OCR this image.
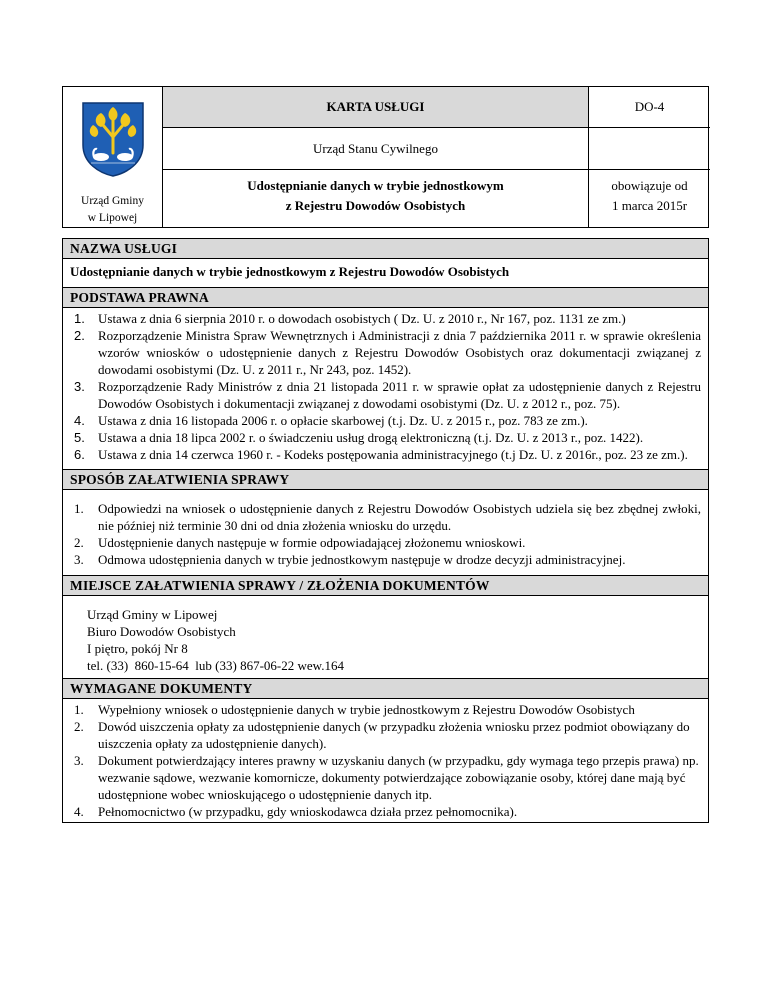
Urząd Gminy
w Lipowej
KARTA USŁUGI
Urząd Stanu Cywilnego
Udostępnianie danych w trybie jednostkowym
z Rejestru Dowodów Osobistych
DO-4
obowiązuje od
1 marca 2015r
NAZWA USŁUGI
Udostępnianie danych w trybie jednostkowym z Rejestru Dowodów Osobistych
PODSTAWA PRAWNA
1. Ustawa z dnia 6 sierpnia 2010 r. o dowodach osobistych ( Dz. U. z 2010 r., Nr 167, poz. 1131 ze zm.)
2. Rozporządzenie Ministra Spraw Wewnętrznych i Administracji z dnia 7 października 2011 r. w sprawie określenia wzorów wniosków o udostępnienie danych z Rejestru Dowodów Osobistych oraz dokumentacji związanej z dowodami osobistymi (Dz. U. z 2011 r., Nr 243, poz. 1452).
3. Rozporządzenie Rady Ministrów z dnia 21 listopada 2011 r. w sprawie opłat za udostępnienie danych z Rejestru Dowodów Osobistych i dokumentacji związanej z dowodami osobistymi (Dz. U. z 2012 r., poz. 75).
4. Ustawa z dnia 16 listopada 2006 r. o opłacie skarbowej (t.j. Dz. U. z 2015 r., poz. 783 ze zm.).
5. Ustawa a dnia 18 lipca 2002 r. o świadczeniu usług drogą elektroniczną (t.j. Dz. U. z 2013 r., poz. 1422).
6. Ustawa z dnia 14 czerwca 1960 r. - Kodeks postępowania administracyjnego (t.j Dz. U. z 2016r., poz. 23 ze zm.).
SPOSÓB ZAŁATWIENIA SPRAWY
1. Odpowiedzi na wniosek o udostępnienie danych z Rejestru Dowodów Osobistych udziela się bez zbędnej zwłoki, nie później niż terminie 30 dni od dnia złożenia wniosku do urzędu.
2. Udostępnienie danych następuje w formie odpowiadającej złożonemu wnioskowi.
3. Odmowa udostępnienia danych w trybie jednostkowym następuje w drodze decyzji administracyjnej.
MIEJSCE ZAŁATWIENIA SPRAWY / ZŁOŻENIA DOKUMENTÓW
Urząd Gminy w Lipowej
Biuro Dowodów Osobistych
I piętro, pokój Nr 8
tel. (33)  860-15-64  lub (33) 867-06-22 wew.164
WYMAGANE DOKUMENTY
1. Wypełniony wniosek o udostępnienie danych w trybie jednostkowym z Rejestru Dowodów Osobistych
2. Dowód uiszczenia opłaty za udostępnienie danych (w przypadku złożenia wniosku przez podmiot obowiązany do uiszczenia opłaty za udostępnienie danych).
3. Dokument potwierdzający interes prawny w uzyskaniu danych (w przypadku, gdy wymaga tego przepis prawa) np. wezwanie sądowe, wezwanie komornicze, dokumenty potwierdzające zobowiązanie osoby, której dane mają być udostępnione wobec wnioskującego o udostępnienie danych itp.
4. Pełnomocnictwo (w przypadku, gdy wnioskodawca działa przez pełnomocnika).
